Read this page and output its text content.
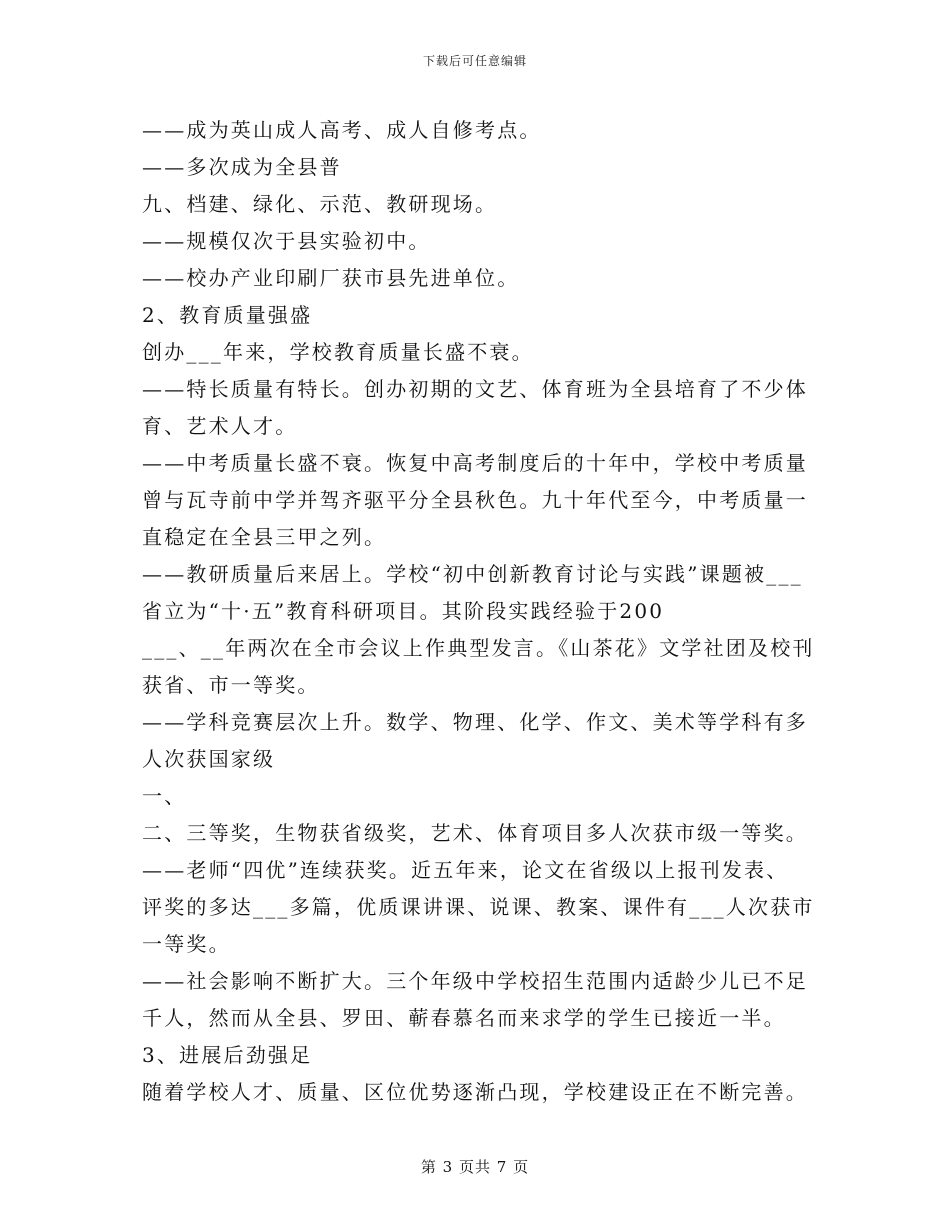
下载后可任意编辑
——成为英山成人高考、成人自修考点。
——多次成为全县普
九、档建、绿化、示范、教研现场。
——规模仅次于县实验初中。
——校办产业印刷厂获市县先进单位。
2、教育质量强盛
创办___年来，学校教育质量长盛不衰。
——特长质量有特长。创办初期的文艺、体育班为全县培育了不少体
育、艺术人才。
——中考质量长盛不衰。恢复中高考制度后的十年中，学校中考质量
曾与瓦寺前中学并驾齐驱平分全县秋色。九十年代至今，中考质量一
直稳定在全县三甲之列。
——教研质量后来居上。学校“初中创新教育讨论与实践”课题被___
省立为“十·五”教育科研项目。其阶段实践经验于200
___、__年两次在全市会议上作典型发言。《山茶花》文学社团及校刊
获省、市一等奖。
——学科竞赛层次上升。数学、物理、化学、作文、美术等学科有多
人次获国家级
一、
二、三等奖，生物获省级奖，艺术、体育项目多人次获市级一等奖。
——老师“四优”连续获奖。近五年来，论文在省级以上报刊发表、
评奖的多达___多篇，优质课讲课、说课、教案、课件有___人次获市
一等奖。
——社会影响不断扩大。三个年级中学校招生范围内适龄少儿已不足
千人，然而从全县、罗田、蕲春慕名而来求学的学生已接近一半。
3、进展后劲强足
随着学校人才、质量、区位优势逐渐凸现，学校建设正在不断完善。
第 3 页共 7 页
